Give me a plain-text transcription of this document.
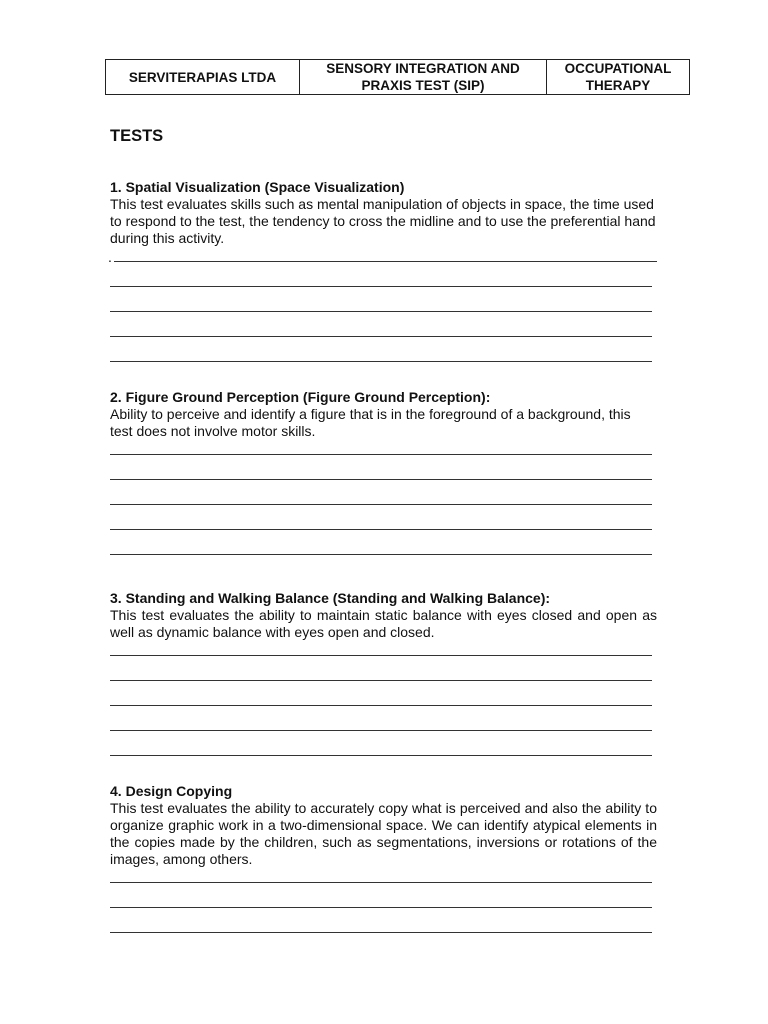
SERVITERAPIAS LTDA	SENSORY INTEGRATION AND PRAXIS TEST (SIP)	OCCUPATIONAL THERAPY
TESTS
1. Spatial Visualization (Space Visualization)

This test evaluates skills such as mental manipulation of objects in space, the time used to respond to the test, the tendency to cross the midline and to use the preferential hand during this activity.

.
2. Figure Ground Perception (Figure Ground Perception):

Ability to perceive and identify a figure that is in the foreground of a background, this test does not involve motor skills.

3. Standing and Walking Balance (Standing and Walking Balance):

This test evaluates the ability to maintain static balance with eyes closed and open as well as dynamic balance with eyes open and closed.

4. Design Copying

This test evaluates the ability to accurately copy what is perceived and also the ability to organize graphic work in a two-dimensional space. We can identify atypical elements in the copies made by the children, such as segmentations, inversions or rotations of the images, among others.
